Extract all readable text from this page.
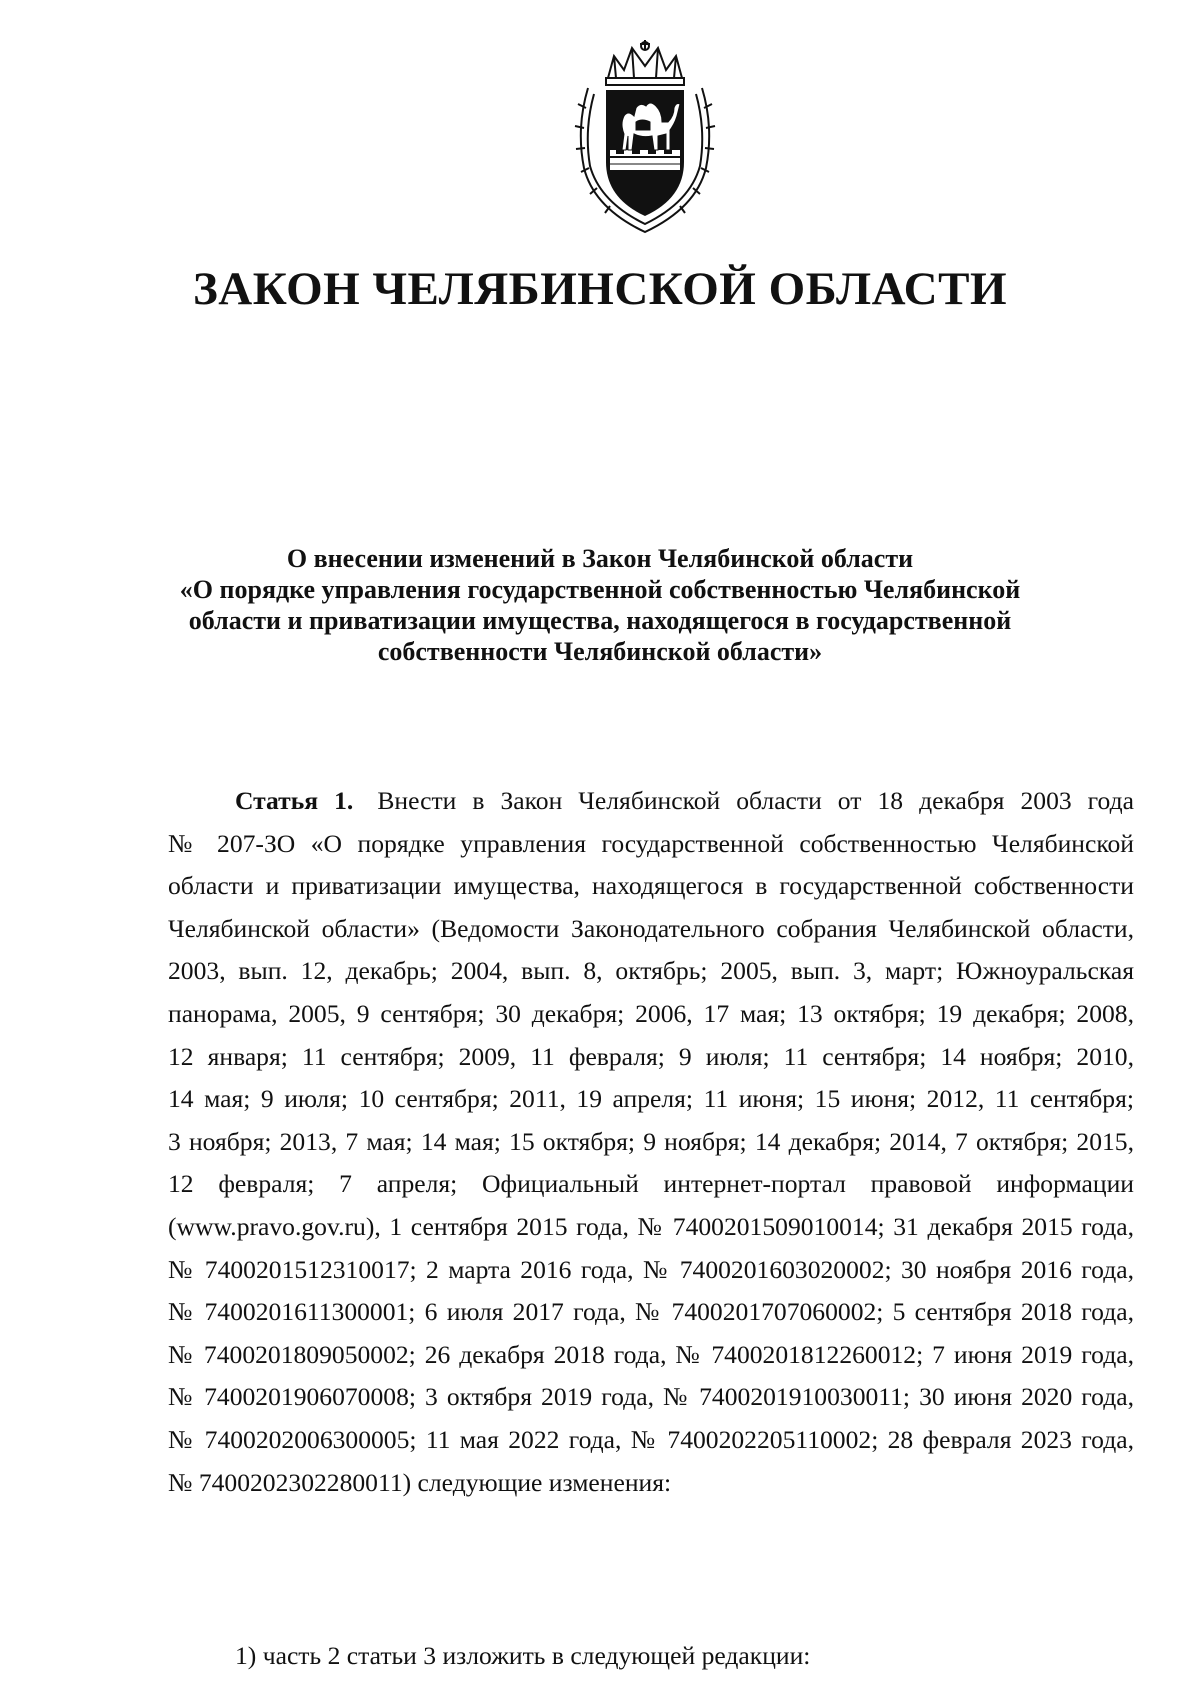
ЗАКОН ЧЕЛЯБИНСКОЙ ОБЛАСТИ
О внесении изменений в Закон Челябинской области
«О порядке управления государственной собственностью Челябинской
области и приватизации имущества, находящегося в государственной
собственности Челябинской области»
Статья 1. Внести в Закон Челябинской области от 18 декабря 2003 года
№ 207-ЗО «О порядке управления государственной собственностью Челябинской
области и приватизации имущества, находящегося в государственной собственности
Челябинской области» (Ведомости Законодательного собрания Челябинской области,
2003, вып. 12, декабрь; 2004, вып. 8, октябрь; 2005, вып. 3, март; Южноуральская
панорама, 2005, 9 сентября; 30 декабря; 2006, 17 мая; 13 октября; 19 декабря; 2008,
12 января; 11 сентября; 2009, 11 февраля; 9 июля; 11 сентября; 14 ноября; 2010,
14 мая; 9 июля; 10 сентября; 2011, 19 апреля; 11 июня; 15 июня; 2012, 11 сентября;
3 ноября; 2013, 7 мая; 14 мая; 15 октября; 9 ноября; 14 декабря; 2014, 7 октября; 2015,
12 февраля; 7 апреля; Официальный интернет-портал правовой информации
(www.pravo.gov.ru), 1 сентября 2015 года, № 7400201509010014; 31 декабря 2015 года,
№ 7400201512310017; 2 марта 2016 года, № 7400201603020002; 30 ноября 2016 года,
№ 7400201611300001; 6 июля 2017 года, № 7400201707060002; 5 сентября 2018 года,
№ 7400201809050002; 26 декабря 2018 года, № 7400201812260012; 7 июня 2019 года,
№ 7400201906070008; 3 октября 2019 года, № 7400201910030011; 30 июня 2020 года,
№ 7400202006300005; 11 мая 2022 года, № 7400202205110002; 28 февраля 2023 года,
№ 7400202302280011) следующие изменения:

1) часть 2 статьи 3 изложить в следующей редакции:
